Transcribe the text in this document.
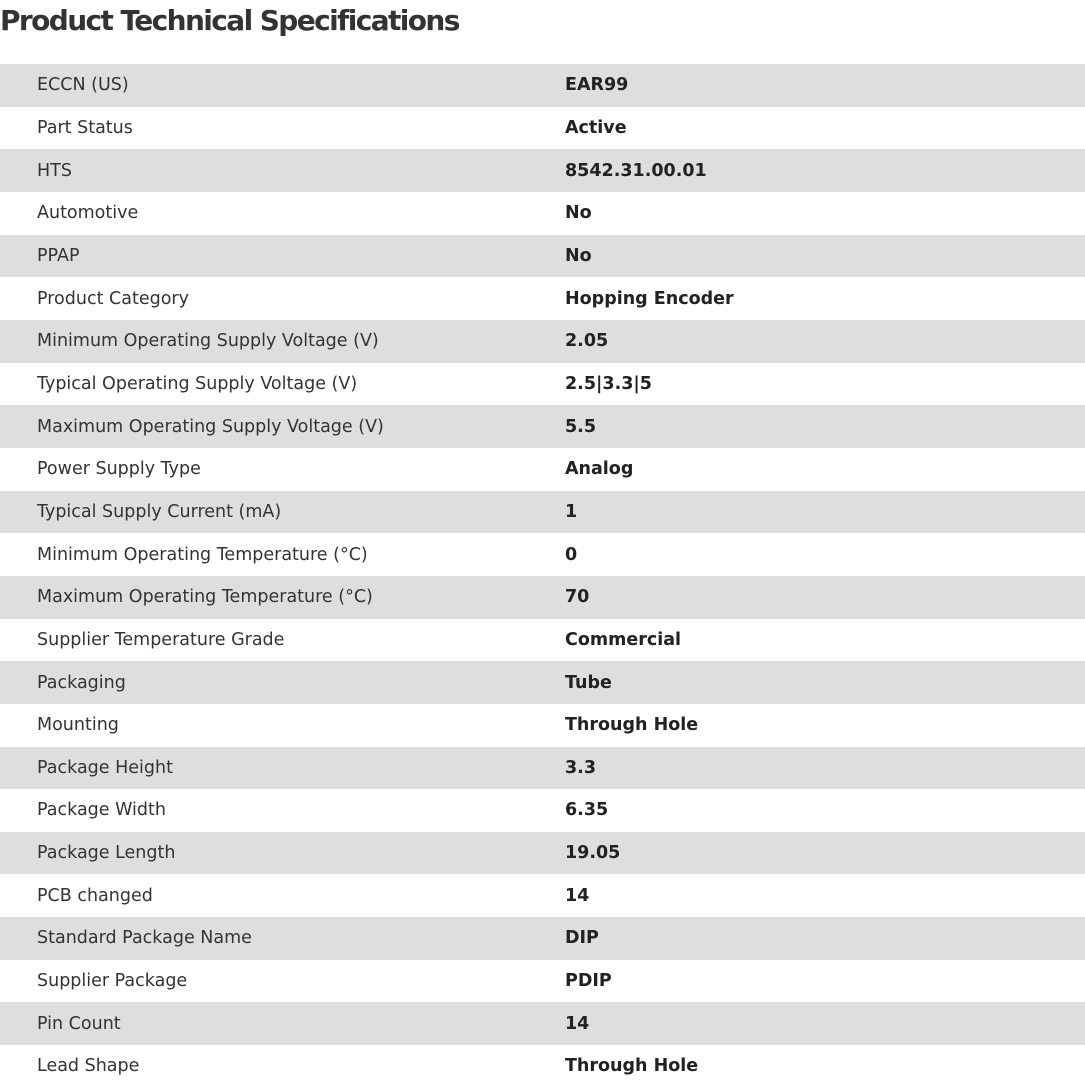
Product Technical Specifications
ECCN (US)	EAR99
Part Status	Active
HTS	8542.31.00.01
Automotive	No
PPAP	No
Product Category	Hopping Encoder
Minimum Operating Supply Voltage (V)	2.05
Typical Operating Supply Voltage (V)	2.5|3.3|5
Maximum Operating Supply Voltage (V)	5.5
Power Supply Type	Analog
Typical Supply Current (mA)	1
Minimum Operating Temperature (°C)	0
Maximum Operating Temperature (°C)	70
Supplier Temperature Grade	Commercial
Packaging	Tube
Mounting	Through Hole
Package Height	3.3
Package Width	6.35
Package Length	19.05
PCB changed	14
Standard Package Name	DIP
Supplier Package	PDIP
Pin Count	14
Lead Shape	Through Hole
